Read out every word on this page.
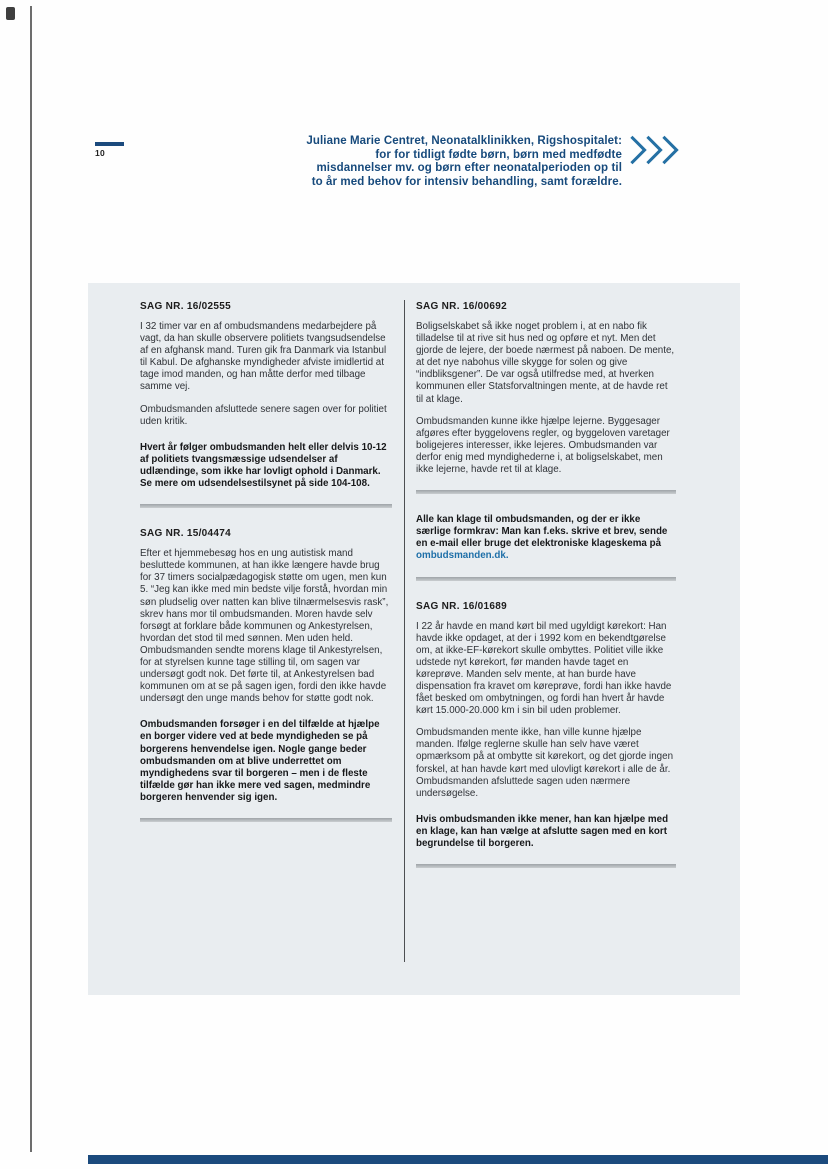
10
Juliane Marie Centret, Neonatalklinikken, Rigshospitalet:
for for tidligt fødte børn, børn med medfødte
misdannelser mv. og børn efter neonatalperioden op til
to år med behov for intensiv behandling, samt forældre.
SAG NR. 16/02555

I 32 timer var en af ombudsmandens medarbejdere på vagt, da han skulle observere politiets tvangsudsendelse af en afghansk mand. Turen gik fra Danmark via Istanbul til Kabul. De afghanske myndigheder afviste imidlertid at tage imod manden, og han måtte derfor med tilbage samme vej.

Ombudsmanden afsluttede senere sagen over for politiet uden kritik.

Hvert år følger ombudsmanden helt eller delvis 10-12 af politiets tvangsmæssige udsendelser af udlændinge, som ikke har lovligt ophold i Danmark. Se mere om udsendelsestilsynet på side 104-108.

SAG NR. 15/04474

Efter et hjemmebesøg hos en ung autistisk mand besluttede kommunen, at han ikke længere havde brug for 37 timers socialpædagogisk støtte om ugen, men kun 5. “Jeg kan ikke med min bedste vilje forstå, hvordan min søn pludselig over natten kan blive tilnærmelsesvis rask”, skrev hans mor til ombudsmanden. Moren havde selv forsøgt at forklare både kommunen og Ankestyrelsen, hvordan det stod til med sønnen. Men uden held. Ombudsmanden sendte morens klage til Ankestyrelsen, for at styrelsen kunne tage stilling til, om sagen var undersøgt godt nok. Det førte til, at Ankestyrelsen bad kommunen om at se på sagen igen, fordi den ikke havde undersøgt den unge mands behov for støtte godt nok.

Ombudsmanden forsøger i en del tilfælde at hjælpe en borger videre ved at bede myndigheden se på borgerens henvendelse igen. Nogle gange beder ombudsmanden om at blive underrettet om myndighedens svar til borgeren – men i de fleste tilfælde gør han ikke mere ved sagen, medmindre borgeren henvender sig igen.

SAG NR. 16/00692

Boligselskabet så ikke noget problem i, at en nabo fik tilladelse til at rive sit hus ned og opføre et nyt. Men det gjorde de lejere, der boede nærmest på naboen. De mente, at det nye nabohus ville skygge for solen og give “indbliksgener”. De var også utilfredse med, at hverken kommunen eller Statsforvaltningen mente, at de havde ret til at klage.

Ombudsmanden kunne ikke hjælpe lejerne. Byggesager afgøres efter byggelovens regler, og byggeloven varetager boligejeres interesser, ikke lejeres. Ombudsmanden var derfor enig med myndighederne i, at boligselskabet, men ikke lejerne, havde ret til at klage.

Alle kan klage til ombudsmanden, og der er ikke særlige formkrav: Man kan f.eks. skrive et brev, sende en e-mail eller bruge det elektroniske klageskema på ombudsmanden.dk.

SAG NR. 16/01689

I 22 år havde en mand kørt bil med ugyldigt kørekort: Han havde ikke opdaget, at der i 1992 kom en bekendtgørelse om, at ikke-EF-kørekort skulle ombyttes. Politiet ville ikke udstede nyt kørekort, før manden havde taget en køreprøve. Manden selv mente, at han burde have dispensation fra kravet om køreprøve, fordi han ikke havde fået besked om ombytningen, og fordi han hvert år havde kørt 15.000-20.000 km i sin bil uden problemer.

Ombudsmanden mente ikke, han ville kunne hjælpe manden. Ifølge reglerne skulle han selv have været opmærksom på at ombytte sit kørekort, og det gjorde ingen forskel, at han havde kørt med ulovligt kørekort i alle de år. Ombudsmanden afsluttede sagen uden nærmere undersøgelse.

Hvis ombudsmanden ikke mener, han kan hjælpe med en klage, kan han vælge at afslutte sagen med en kort begrundelse til borgeren.
